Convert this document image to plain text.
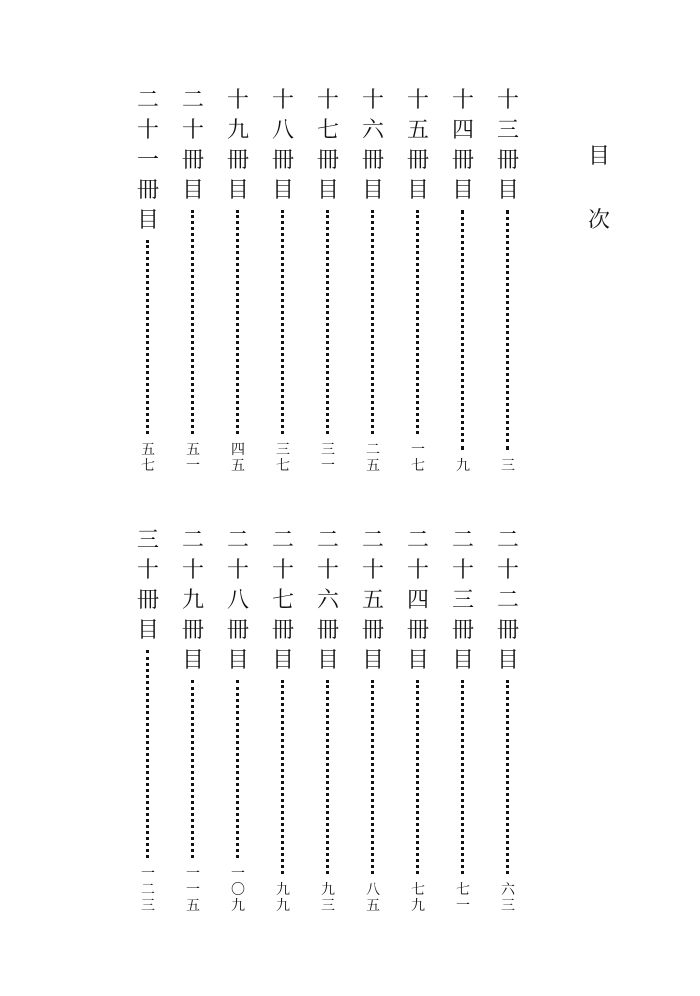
目
次
十
三
冊
目
三
十
四
冊
目
九
十
五
冊
目
一
七
十
六
冊
目
二
五
十
七
冊
目
三
一
十
八
冊
目
三
七
十
九
冊
目
四
五
二
十
冊
目
五
一
二
十
一
冊
目
五
七
二
十
二
冊
目
六
三
二
十
三
冊
目
七
一
二
十
四
冊
目
七
九
二
十
五
冊
目
八
五
二
十
六
冊
目
九
三
二
十
七
冊
目
九
九
二
十
八
冊
目
一
〇
九
二
十
九
冊
目
一
一
五
三
十
冊
目
一
二
三
